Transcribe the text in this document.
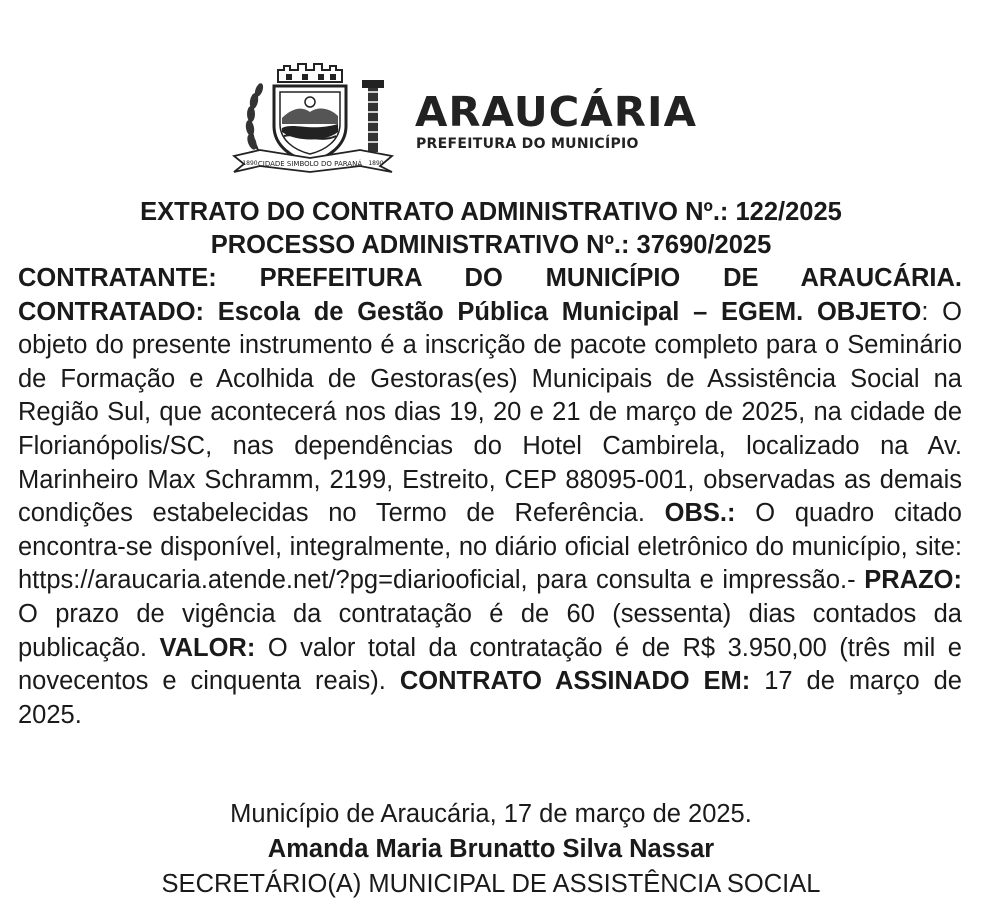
CIDADE SIMBOLO DO PARANÁ
1890	1890
ARAUCÁRIA
PREFEITURA DO MUNICÍPIO

EXTRATO DO CONTRATO ADMINISTRATIVO Nº.: 122/2025

PROCESSO ADMINISTRATIVO Nº.: 37690/2025

CONTRATANTE: PREFEITURA DO MUNICÍPIO DE ARAUCÁRIA. CONTRATADO: Escola de Gestão Pública Municipal – EGEM. OBJETO: O objeto do presente instrumento é a inscrição de pacote completo para o Seminário de Formação e Acolhida de Gestoras(es) Municipais de Assistência Social na Região Sul, que acontecerá nos dias 19, 20 e 21 de março de 2025, na cidade de Florianópolis/SC, nas dependências do Hotel Cambirela, localizado na Av. Marinheiro Max Schramm, 2199, Estreito, CEP 88095-001, observadas as demais condições estabelecidas no Termo de Referência. OBS.: O quadro citado encontra-se disponível, integralmente, no diário oficial eletrônico do município, site: https://araucaria.atende.net/?pg=diariooficial, para consulta e impressão.- PRAZO: O prazo de vigência da contratação é de 60 (sessenta) dias contados da publicação. VALOR: O valor total da contratação é de R$ 3.950,00 (três mil e novecentos e cinquenta reais). CONTRATO ASSINADO EM: 17 de março de 2025.
Município de Araucária, 17 de março de 2025.
Amanda Maria Brunatto Silva Nassar
SECRETÁRIO(A) MUNICIPAL DE ASSISTÊNCIA SOCIAL
